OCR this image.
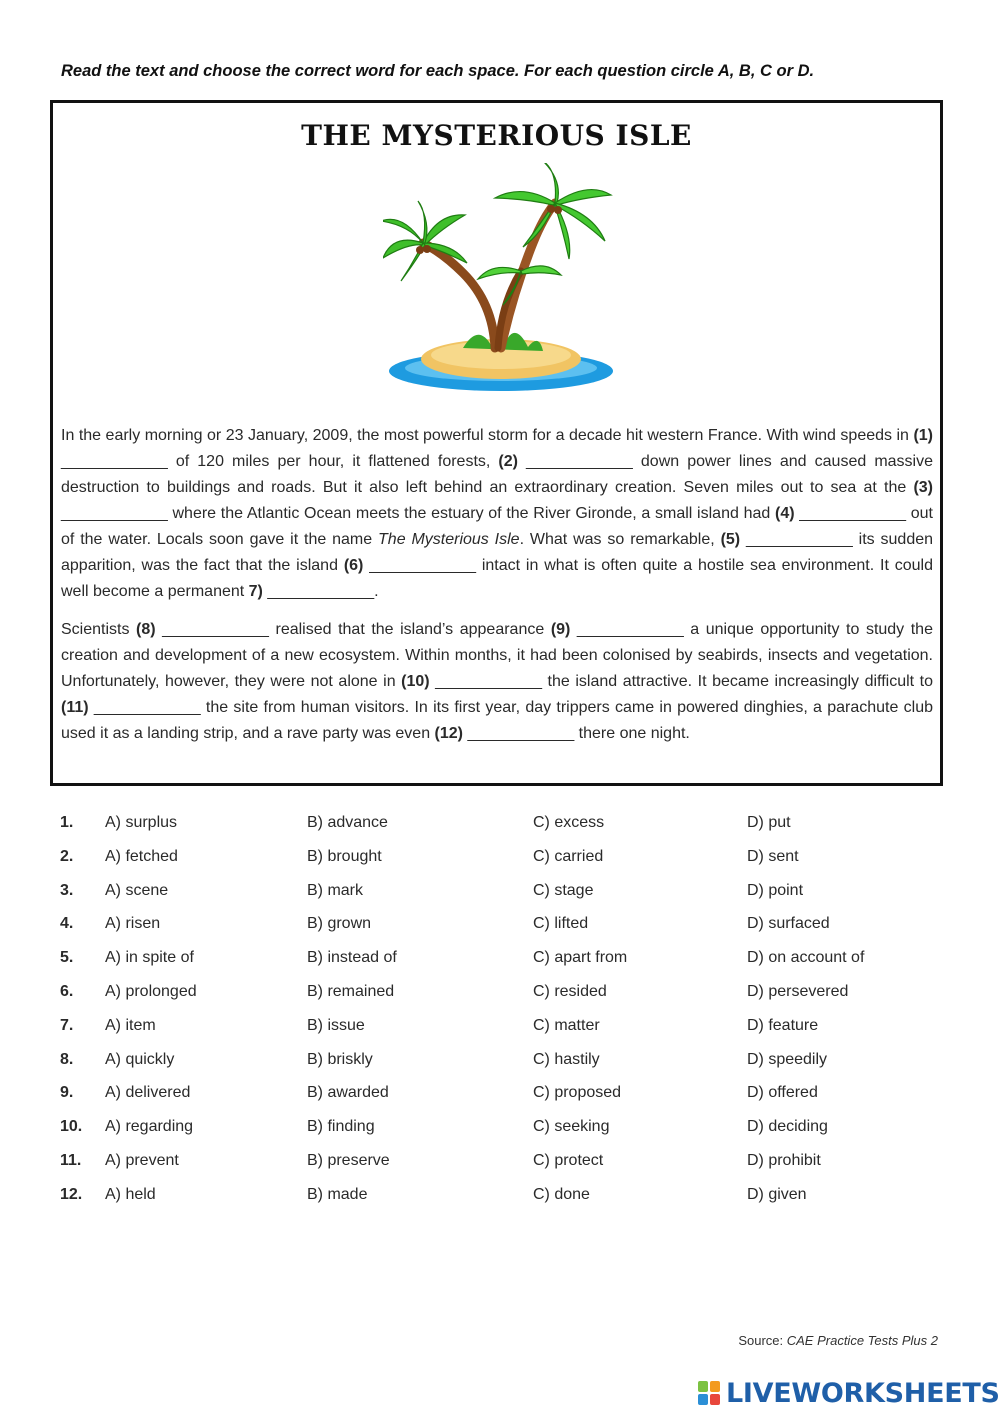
Read the text and choose the correct word for each space. For each question circle A, B, C or D.
THE MYSTERIOUS ISLE

In the early morning or 23 January, 2009, the most powerful storm for a decade hit western France. With wind speeds in (1) ____________ of 120 miles per hour, it flattened forests, (2) ____________ down power lines and caused massive destruction to buildings and roads. But it also left behind an extraordinary creation. Seven miles out to sea at the (3) ____________ where the Atlantic Ocean meets the estuary of the River Gironde, a small island had (4) ____________ out of the water. Locals soon gave it the name The Mysterious Isle. What was so remarkable, (5) ____________ its sudden apparition, was the fact that the island (6) ____________ intact in what is often quite a hostile sea environment. It could well become a permanent 7) ____________.

Scientists (8) ____________ realised that the island’s appearance (9) ____________ a unique opportunity to study the creation and development of a new ecosystem. Within months, it had been colonised by seabirds, insects and vegetation. Unfortunately, however, they were not alone in (10) ____________ the island attractive. It became increasingly difficult to (11) ____________ the site from human visitors. In its first year, day trippers came in powered dinghies, a parachute club used it as a landing strip, and a rave party was even (12) ____________ there one night.

1. A) surplus	B) advance	C) excess	D) put
2. A) fetched	B) brought	C) carried	D) sent
3. A) scene	B) mark	C) stage	D) point
4. A) risen	B) grown	C) lifted	D) surfaced
5. A) in spite of	B) instead of	C) apart from	D) on account of
6. A) prolonged	B) remained	C) resided	D) persevered
7. A) item	B) issue	C) matter	D) feature
8. A) quickly	B) briskly	C) hastily	D) speedily
9. A) delivered	B) awarded	C) proposed	D) offered
10. A) regarding	B) finding	C) seeking	D) deciding
11. A) prevent	B) preserve	C) protect	D) prohibit
12. A) held	B) made	C) done	D) given
Source: CAE Practice Tests Plus 2
LIVEWORKSHEETS
